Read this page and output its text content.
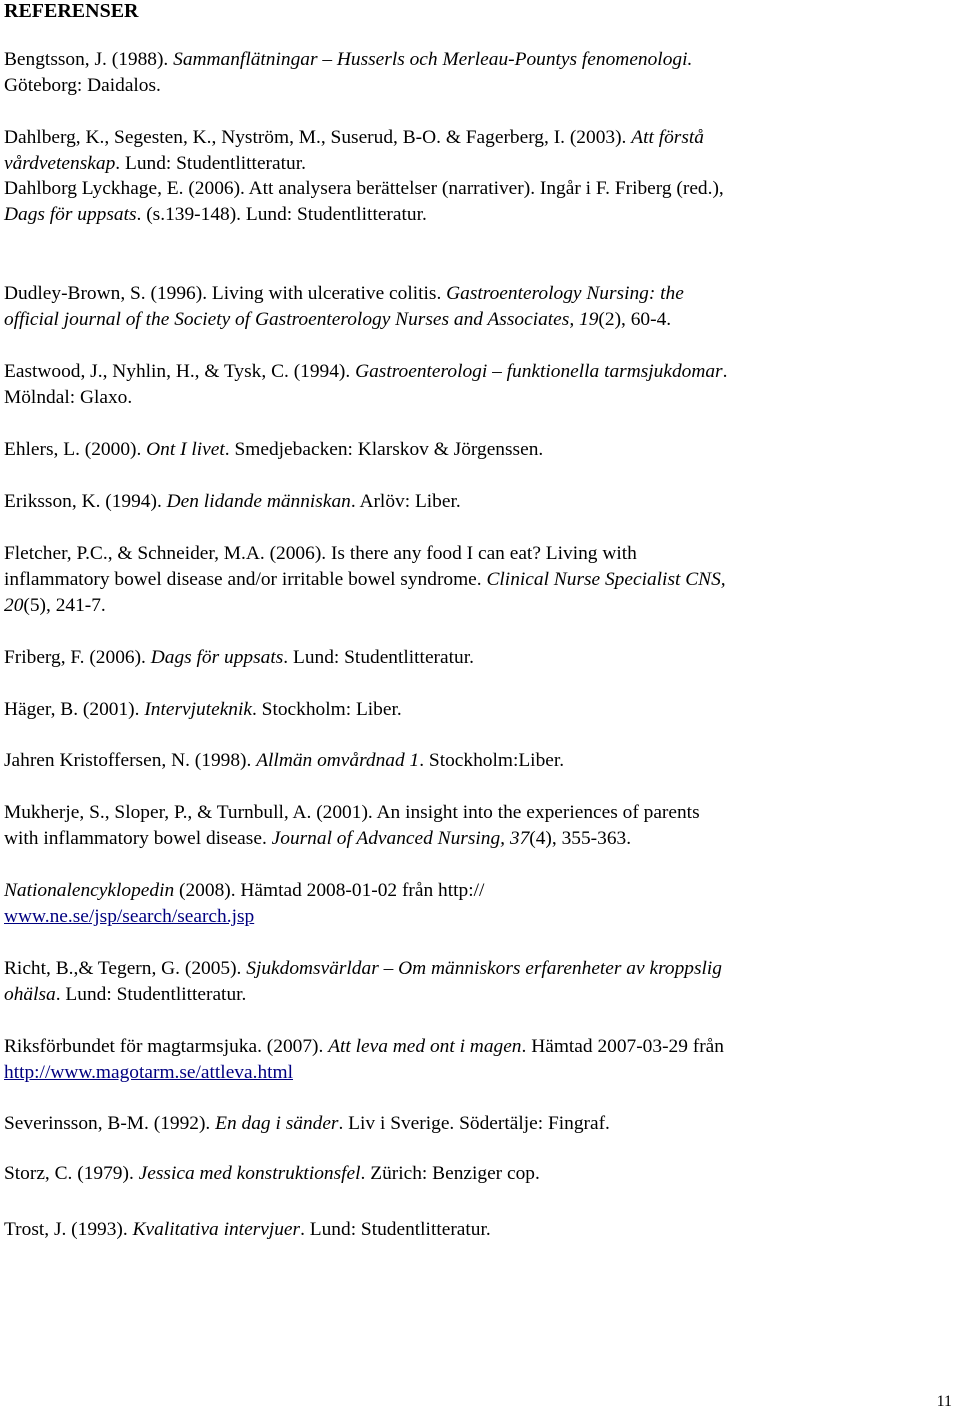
REFERENSER

Bengtsson, J. (1988). Sammanflätningar – Husserls och Merleau-Pountys fenomenologi.

Göteborg: Daidalos.

Dahlberg, K., Segesten, K., Nyström, M., Suserud, B-O. & Fagerberg, I. (2003). Att förstå

vårdvetenskap. Lund: Studentlitteratur.

Dahlborg Lyckhage, E. (2006). Att analysera berättelser (narrativer). Ingår i F. Friberg (red.),

Dags för uppsats. (s.139-148). Lund: Studentlitteratur.

Dudley-Brown, S. (1996). Living with ulcerative colitis. Gastroenterology Nursing: the

official journal of the Society of Gastroenterology Nurses and Associates, 19(2), 60-4.

Eastwood, J., Nyhlin, H., & Tysk, C. (1994). Gastroenterologi – funktionella tarmsjukdomar.

Mölndal: Glaxo.

Ehlers, L. (2000). Ont I livet. Smedjebacken: Klarskov & Jörgenssen.

Eriksson, K. (1994). Den lidande människan. Arlöv: Liber.

Fletcher, P.C., & Schneider, M.A. (2006). Is there any food I can eat? Living with

inflammatory bowel disease and/or irritable bowel syndrome. Clinical Nurse Specialist CNS,

20(5), 241-7.

Friberg, F. (2006). Dags för uppsats. Lund: Studentlitteratur.

Häger, B. (2001). Intervjuteknik. Stockholm: Liber.

Jahren Kristoffersen, N. (1998). Allmän omvårdnad 1. Stockholm:Liber.

Mukherje, S., Sloper, P., & Turnbull, A. (2001). An insight into the experiences of parents

with inflammatory bowel disease. Journal of Advanced Nursing, 37(4), 355-363.

Nationalencyklopedin (2008). Hämtad 2008-01-02 från http://

www.ne.se/jsp/search/search.jsp

Richt, B.,& Tegern, G. (2005). Sjukdomsvärldar – Om människors erfarenheter av kroppslig

ohälsa. Lund: Studentlitteratur.

Riksförbundet för magtarmsjuka. (2007). Att leva med ont i magen. Hämtad 2007-03-29 från

http://www.magotarm.se/attleva.html

Severinsson, B-M. (1992). En dag i sänder. Liv i Sverige. Södertälje: Fingraf.

Storz, C. (1979). Jessica med konstruktionsfel. Zürich: Benziger cop.

Trost, J. (1993). Kvalitativa intervjuer. Lund: Studentlitteratur.

11
